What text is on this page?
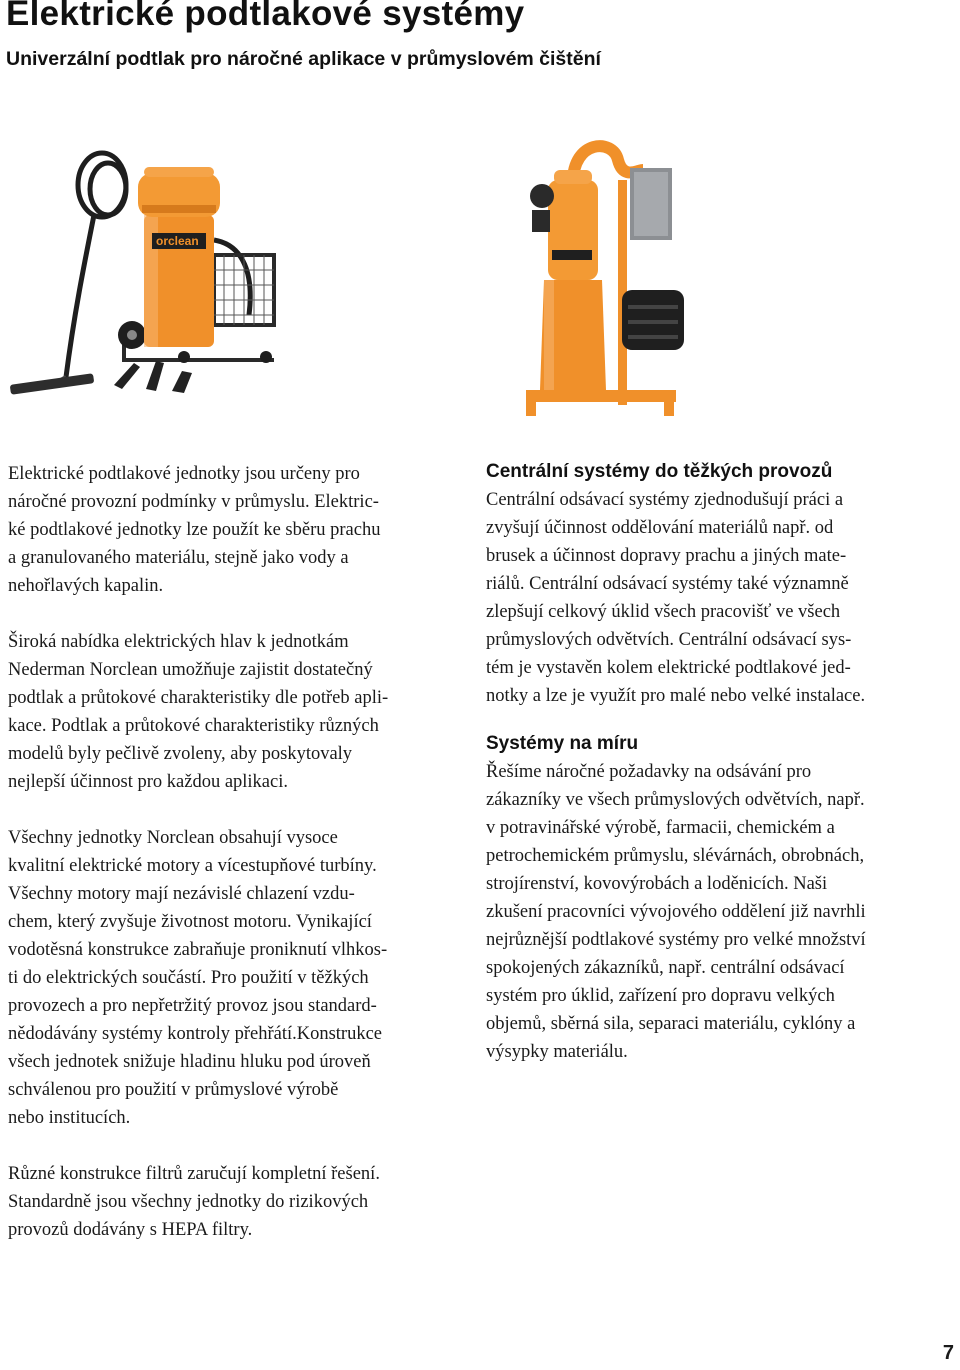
Elektrické podtlakové systémy
Univerzální podtlak pro náročné aplikace v průmyslovém čištění
orclean

Elektrické podtlakové jednotky jsou určeny pro
náročné provozní podmínky v průmyslu. Elektric-
ké podtlakové jednotky lze použít ke sběru prachu
a granulovaného materiálu, stejně jako vody a
nehořlavých kapalin.

Široká nabídka elektrických hlav k jednotkám
Nederman Norclean umožňuje zajistit dostatečný
podtlak a průtokové charakteristiky dle potřeb apli-
kace. Podtlak a průtokové charakteristiky různých
modelů byly pečlivě zvoleny, aby poskytovaly
nejlepší účinnost pro každou aplikaci.

Všechny jednotky Norclean obsahují vysoce
kvalitní elektrické motory a vícestupňové turbíny.
Všechny motory mají nezávislé chlazení vzdu-
chem, který zvyšuje životnost motoru. Vynikající
vodotěsná konstrukce zabraňuje proniknutí vlhkos-
ti do elektrických součástí. Pro použití v těžkých
provozech a pro nepřetržitý provoz jsou standard-
nědodávány systémy kontroly přehřátí.Konstrukce
všech jednotek snižuje hladinu hluku pod úroveň
schválenou pro použití v průmyslové výrobě
nebo institucích.

Různé konstrukce filtrů zaručují kompletní řešení.
Standardně jsou všechny jednotky do rizikových
provozů dodávány s HEPA filtry.

Centrální systémy do těžkých provozů

Centrální odsávací systémy zjednodušují práci a
zvyšují účinnost oddělování materiálů např. od
brusek a účinnost dopravy prachu a jiných mate-
riálů. Centrální odsávací systémy také významně
zlepšují celkový úklid všech pracovišť ve všech
průmyslových odvětvích. Centrální odsávací sys-
tém je vystavěn kolem elektrické podtlakové jed-
notky a lze je využít pro malé nebo velké instalace.

Systémy na míru

Řešíme náročné požadavky na odsávání pro
zákazníky ve všech průmyslových odvětvích, např.
v potravinářské výrobě, farmacii, chemickém a
petrochemickém průmyslu, slévárnách, obrobnách,
strojírenství, kovovýrobách a loděnicích. Naši
zkušení pracovníci vývojového oddělení již navrhli
nejrůznější podtlakové systémy pro velké množství
spokojených zákazníků, např. centrální odsávací
systém pro úklid, zařízení pro dopravu velkých
objemů, sběrná sila, separaci materiálu, cyklóny a
výsypky materiálu.

7
